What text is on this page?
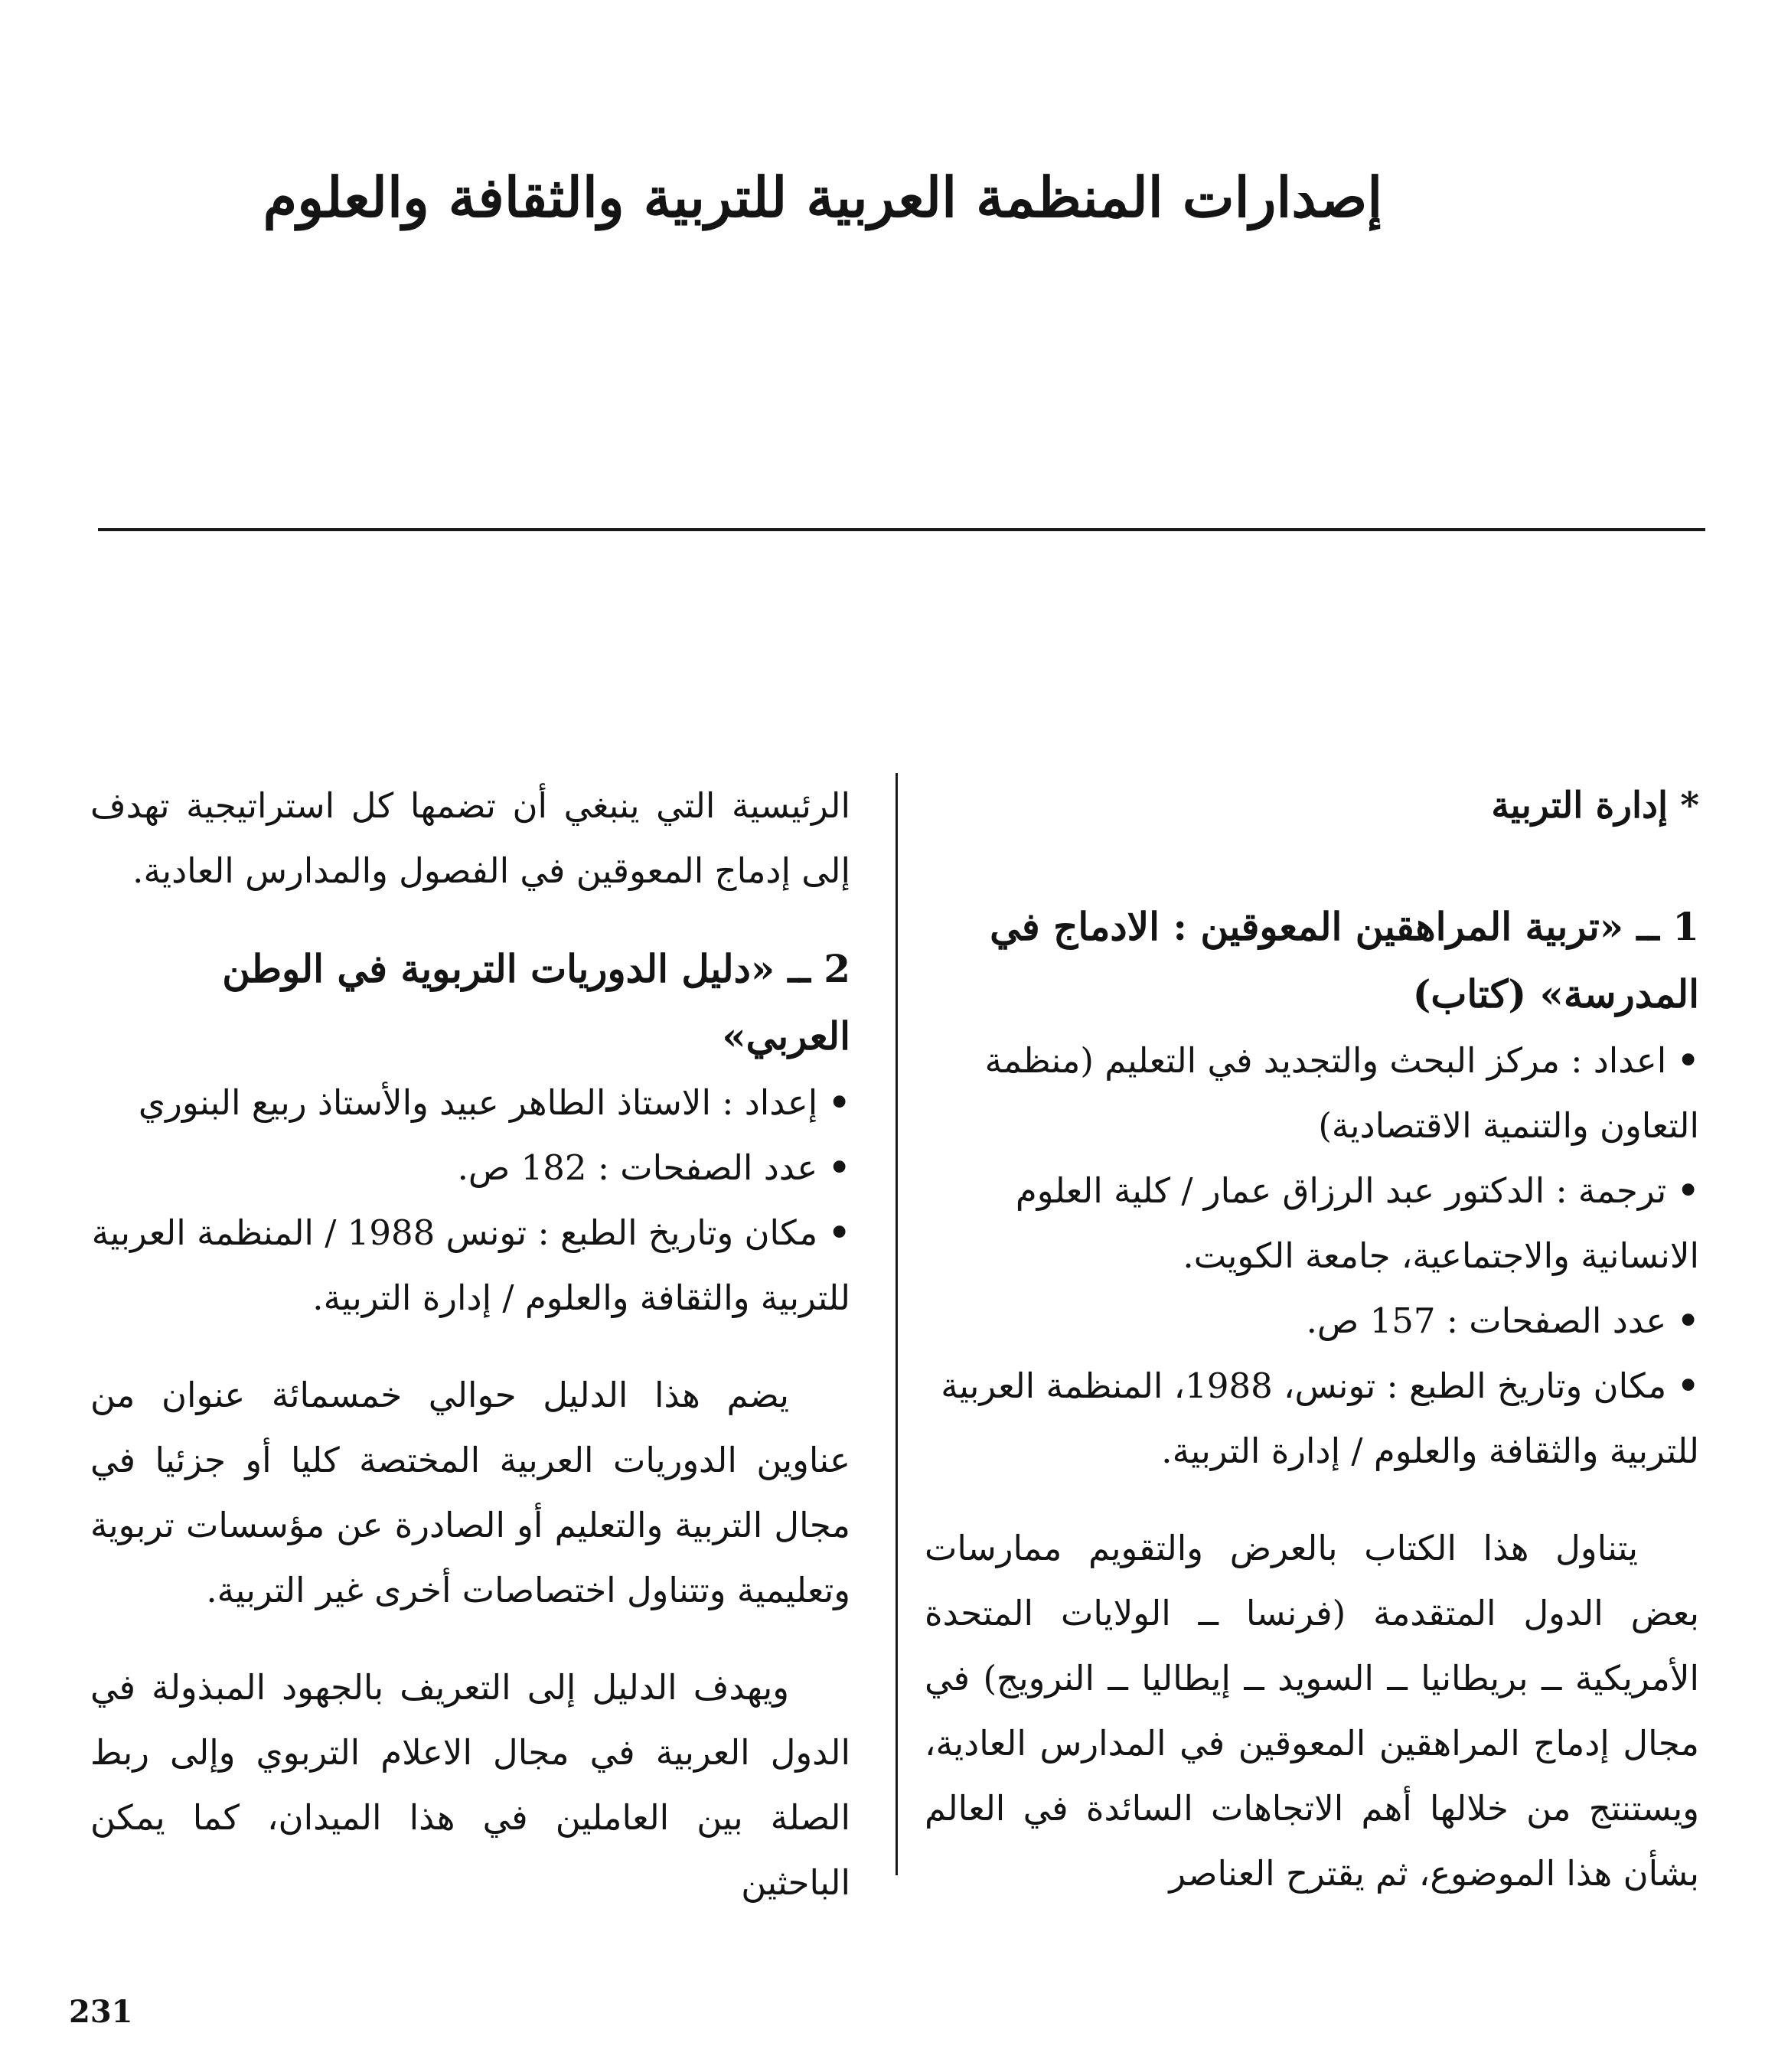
إصدارات المنظمة العربية للتربية والثقافة والعلوم
* إدارة التربية
1 ــ «تربية المراهقين المعوقين : الادماج في المدرسة» (كتاب)
•اعداد : مركز البحث والتجديد في التعليم (منظمة التعاون والتنمية الاقتصادية)
•ترجمة : الدكتور عبد الرزاق عمار / كلية العلوم الانسانية والاجتماعية، جامعة الكويت.
•عدد الصفحات : 157 ص.
•مكان وتاريخ الطبع : تونس، 1988، المنظمة العربية للتربية والثقافة والعلوم / إدارة التربية.

يتناول هذا الكتاب بالعرض والتقويم ممارسات بعض الدول المتقدمة (فرنسا ــ الولايات المتحدة الأمريكية ــ بريطانيا ــ السويد ــ إيطاليا ــ النرويج) في مجال إدماج المراهقين المعوقين في المدارس العادية، ويستنتج من خلالها أهم الاتجاهات السائدة في العالم بشأن هذا الموضوع، ثم يقترح العناصر

الرئيسية التي ينبغي أن تضمها كل استراتيجية تهدف إلى إدماج المعوقين في الفصول والمدارس العادية.

2 ــ «دليل الدوريات التربوية في الوطن العربي»
•إعداد : الاستاذ الطاهر عبيد والأستاذ ربيع البنوري
•عدد الصفحات : 182 ص.
•مكان وتاريخ الطبع : تونس 1988 / المنظمة العربية للتربية والثقافة والعلوم / إدارة التربية.

يضم هذا الدليل حوالي خمسمائة عنوان من عناوين الدوريات العربية المختصة كليا أو جزئيا في مجال التربية والتعليم أو الصادرة عن مؤسسات تربوية وتعليمية وتتناول اختصاصات أخرى غير التربية.

ويهدف الدليل إلى التعريف بالجهود المبذولة في الدول العربية في مجال الاعلام التربوي وإلى ربط الصلة بين العاملين في هذا الميدان، كما يمكن الباحثين

231
